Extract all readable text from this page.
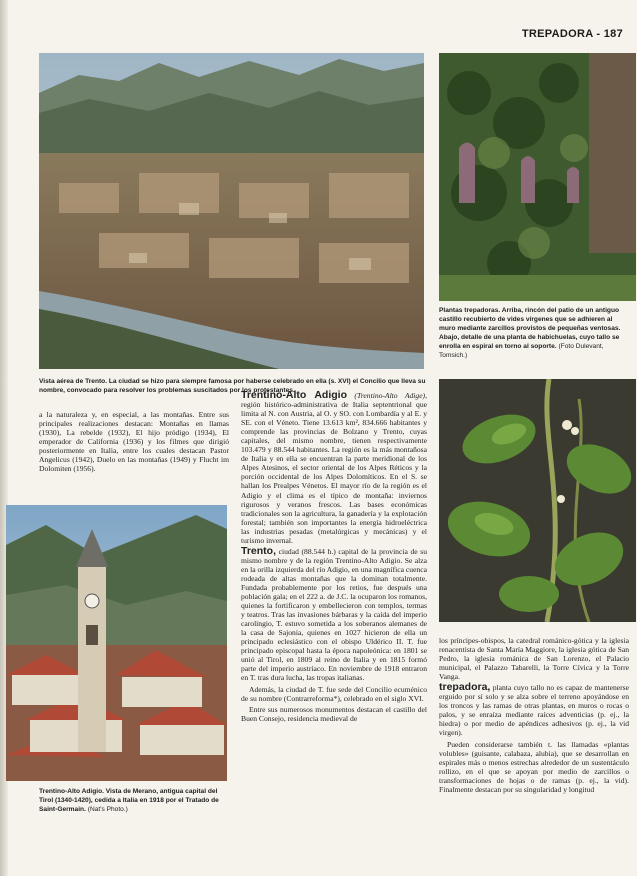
TREPADORA - 187
Plantas trepadoras. Arriba, rincón del patio de un antiguo castillo recubierto de vides vírgenes que se adhieren al muro mediante zarcillos provistos de pequeñas ventosas. Abajo, detalle de una planta de habichuelas, cuyo tallo se enrolla en espiral en torno al soporte. (Foto Dulevant, Tomsich.)
Vista aérea de Trento. La ciudad se hizo para siempre famosa por haberse celebrado en ella (s. XVI) el Concilio que lleva su nombre, convocado para resolver los problemas suscitados por los protestantes.
Trentino-Alto Adigio. Vista de Merano, antigua capital del Tirol (1340-1420), cedida a Italia en 1918 por el Tratado de Saint-Germain. (Nat's Photo.)

a la naturaleza y, en especial, a las montañas. Entre sus principales realizaciones destacan: Montañas en llamas (1930), La rebelde (1932), El hijo pródigo (1934), El emperador de California (1936) y los filmes que dirigió posteriormente en Italia, entre los cuales destacan Pastor Angelicus (1942), Duelo en las montañas (1949) y Flucht im Dolomiten (1956).

Trentino-Alto Adigio (Trentino-Alto Adige), región histórico-administrativa de Italia septentrional que limita al N. con Austria, al O. y SO. con Lombardía y al E. y SE. con el Véneto. Tiene 13.613 km², 834.666 habitantes y comprende las provincias de Bolzano y Trento, cuyas capitales, del mismo nombre, tienen respectivamente 103.479 y 88.544 habitantes. La región es la más montañosa de Italia y en ella se encuentran la parte meridional de los Alpes Atesinos, el sector oriental de los Alpes Réticos y la porción occidental de los Alpes Dolomíticos. En el S. se hallan los Prealpes Vénetos. El mayor río de la región es el Adigio y el clima es el típico de montaña: inviernos rigurosos y veranos frescos. Las bases económicas tradicionales son la agricultura, la ganadería y la explotación forestal; también son importantes la energía hidroeléctrica las industrias pesadas (metalúrgicas y mecánicas) y el turismo invernal.

Trento, ciudad (88.544 h.) capital de la provincia de su mismo nombre y de la región Trentino-Alto Adigio. Se alza en la orilla izquierda del río Adigio, en una magnífica cuenca rodeada de altas montañas que la dominan totalmente. Fundada probablemente por los retios, fue después una población gala; en el 222 a. de J.C. la ocuparon los romanos, quienes la fortificaron y embellecieron con templos, termas y teatros. Tras las invasiones bárbaras y la caída del imperio carolingio, T. estuvo sometida a los soberanos alemanes de la casa de Sajonia, quienes en 1027 hicieron de ella un principado eclesiástico con el obispo Uldérico II. T. fue principado episcopal hasta la época napoleónica: en 1801 se unió al Tirol, en 1809 al reino de Italia y en 1815 formó parte del imperio austríaco. En noviembre de 1918 entraron en T. tras dura lucha, las tropas italianas.

Además, la ciudad de T. fue sede del Concilio ecuménico de su nombre (Contrarreforma*), celebrado en el siglo XVI.

Entre sus numerosos monumentos destacan el castillo del Buen Consejo, residencia medieval de

los príncipes-obispos, la catedral románico-gótica y la iglesia renacentista de Santa María Maggiore, la iglesia gótica de San Pedro, la iglesia románica de San Lorenzo, el Palacio municipal, el Palazzo Tabarelli, la Torre Cívica y la Torre Vanga.

trepadora, planta cuyo tallo no es capaz de mantenerse erguido por sí solo y se alza sobre el terreno apoyándose en los troncos y las ramas de otras plantas, en muros o rocas o palos, y se enraíza mediante raíces adventicias (p. ej., la hiedra) o por medio de apéndices adhesivos (p. ej., la vid virgen).

Pueden considerarse también t. las llamadas «plantas volubles» (guisante, calabaza, alubia), que se desarrollan en espirales más o menos estrechas alrededor de un sustentáculo rollizo, en el que se apoyan por medio de zarcillos o transformaciones de hojas o de ramas (p. ej., la vid). Finalmente destacan por su singularidad y longitud
